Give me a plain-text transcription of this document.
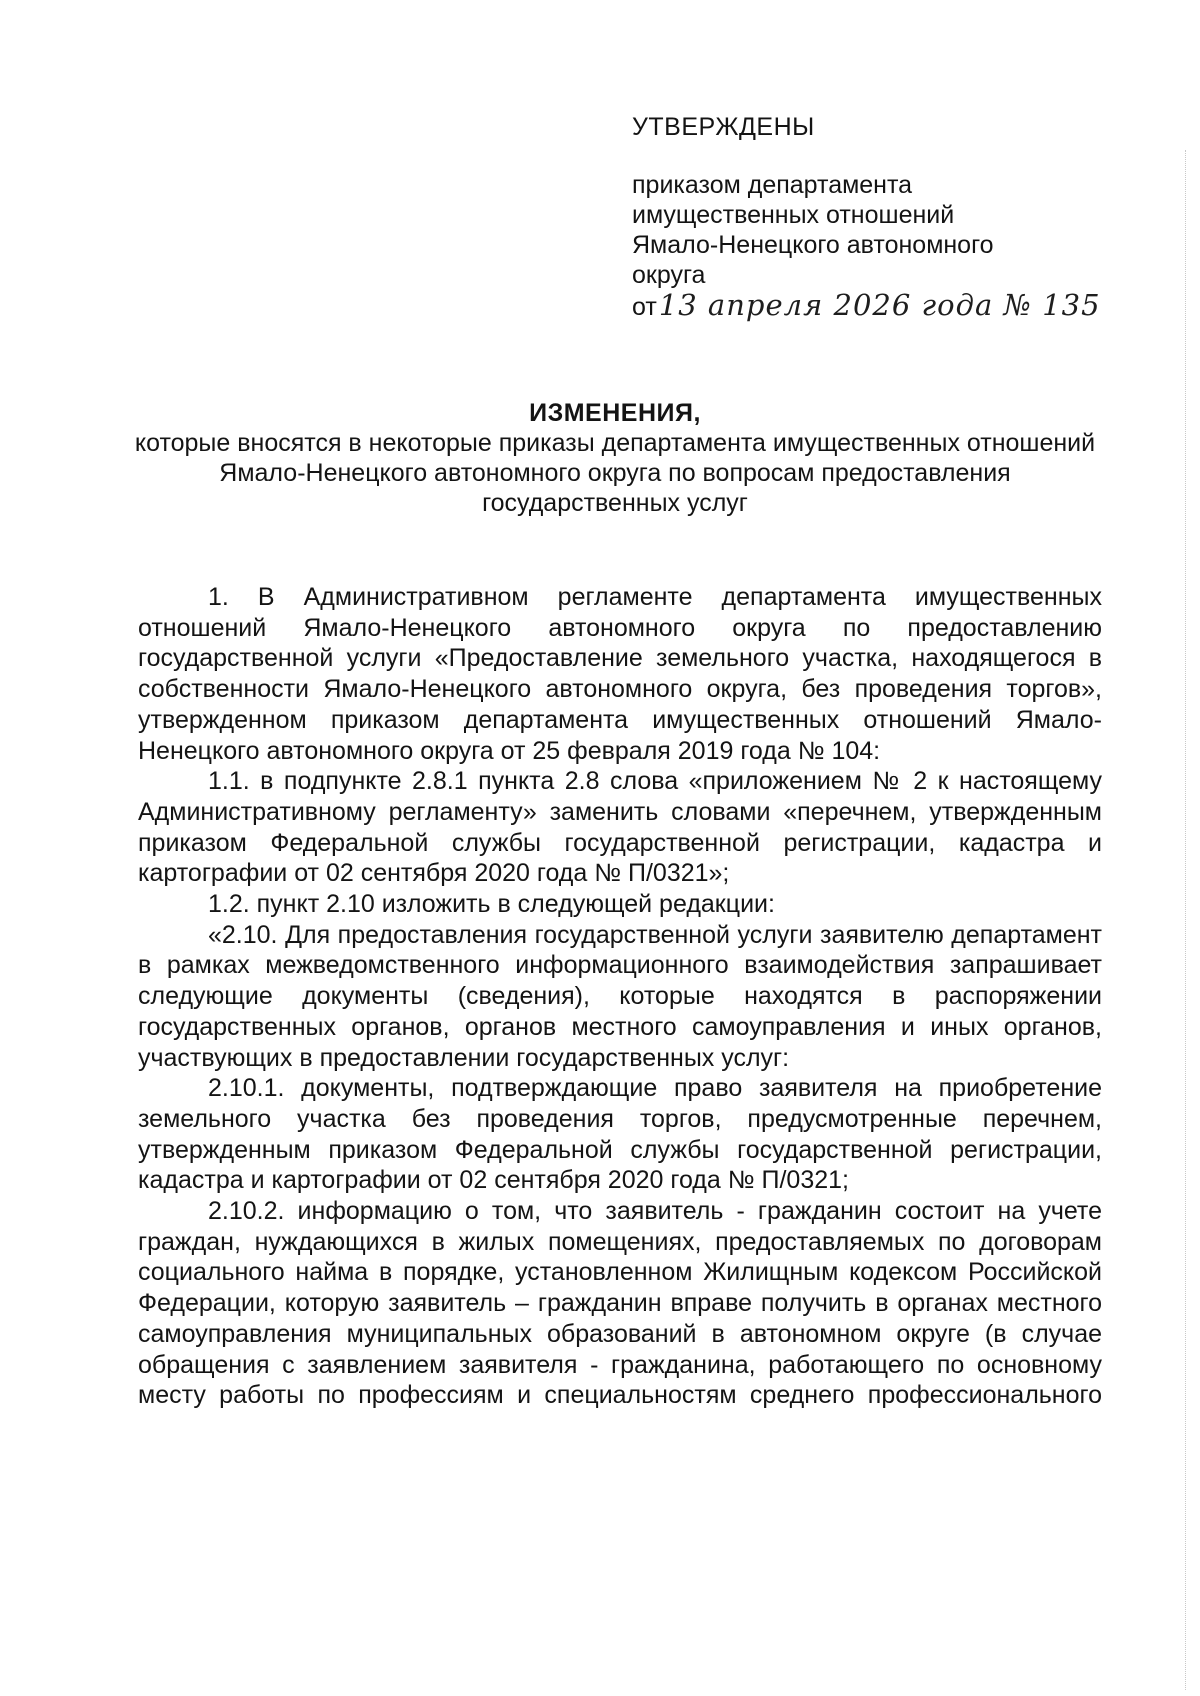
УТВЕРЖДЕНЫ
приказом департамента
имущественных отношений
Ямало-Ненецкого автономного
округа
от 13 апреля 2026 года № 135
ИЗМЕНЕНИЯ,
которые вносятся в некоторые приказы департамента имущественных отношений Ямало-Ненецкого автономного округа по вопросам предоставления государственных услуг

1. В Административном регламенте департамента имущественных отношений Ямало-Ненецкого автономного округа по предоставлению государственной услуги «Предоставление земельного участка, находящегося в собственности Ямало-Ненецкого автономного округа, без проведения торгов», утвержденном приказом департамента имущественных отношений Ямало-Ненецкого автономного округа от 25 февраля 2019 года № 104:

1.1. в подпункте 2.8.1 пункта 2.8 слова «приложением № 2 к настоящему Административному регламенту» заменить словами «перечнем, утвержденным приказом Федеральной службы государственной регистрации, кадастра и картографии от 02 сентября 2020 года № П/0321»;

1.2. пункт 2.10 изложить в следующей редакции:

«2.10. Для предоставления государственной услуги заявителю департамент в рамках межведомственного информационного взаимодействия запрашивает следующие документы (сведения), которые находятся в распоряжении государственных органов, органов местного самоуправления и иных органов, участвующих в предоставлении государственных услуг:

2.10.1. документы, подтверждающие право заявителя на приобретение земельного участка без проведения торгов, предусмотренные перечнем, утвержденным приказом Федеральной службы государственной регистрации, кадастра и картографии от 02 сентября 2020 года № П/0321;

2.10.2. информацию о том, что заявитель - гражданин состоит на учете граждан, нуждающихся в жилых помещениях, предоставляемых по договорам социального найма в порядке, установленном Жилищным кодексом Российской Федерации, которую заявитель – гражданин вправе получить в органах местного самоуправления муниципальных образований в автономном округе (в случае обращения с заявлением заявителя - гражданина, работающего по основному месту работы по профессиям и специальностям среднего профессионального
